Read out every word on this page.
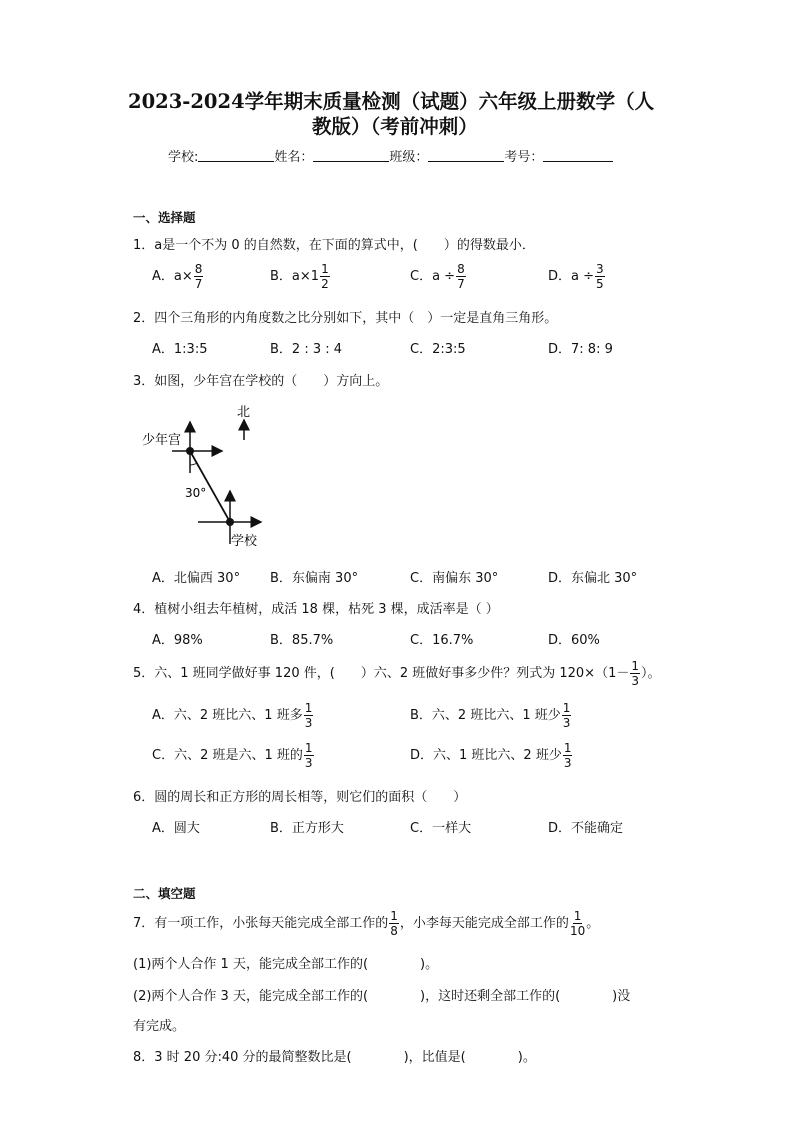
2023-2024学年期末质量检测（试题）六年级上册数学（人
教版）（考前冲刺）
学校:	姓名：	班级：	考号：
一、选择题
1．a是一个不为 0 的自然数，在下面的算式中，(　　）的得数最小．
A．$a\times \frac{8}{7}$	B．$a\times 1 \frac{1}{2}$	C．$a \div \frac{8}{7}$	D．$a \div \frac{3}{5}$
2．四个三角形的内角度数之比分别如下，其中（　）一定是直角三角形。
A．1:3:5	B．2 : 3 : 4	C．2:3:5	D．7: 8: 9
3．如图，少年宫在学校的（　　）方向上。
北
少年宫
30°
学校
A．北偏西 30° B．东偏南 30°	C．南偏东 30°	D．东偏北 30°
4．植树小组去年植树，成活 18 棵，枯死 3 棵，成活率是（ ）
A．98%	B．85.7%	C．16.7%	D．60%
5．六、1 班同学做好事 120 件，(　　）六、2 班做好事多少件？列式为 $120\times(1- \frac{1}{3}$ ）。
A．六、2 班比六、1 班多 $\frac{1}{3}$	B．六、2 班比六、1 班少 $\frac{1}{3}$
C．六、2 班是六、1 班的 $\frac{1}{3}$	D．六、1 班比六、2 班少 $\frac{1}{3}$
6．圆的周长和正方形的周长相等，则它们的面积（　　）
A．圆大	B．正方形大	C．一样大	D．不能确定
二、填空题
7．有一项工作，小张每天能完成全部工作的 $\frac{1}{8}$ ，小李每天能完成全部工作的 $\frac{1}{10}$ 。
(1)两个人合作 1 天，能完成全部工作的(　　　　)。
(2)两个人合作 3 天，能完成全部工作的(　　　　)，这时还剩全部工作的(　　　　)没
有完成。
8．3 时 20 分:40 分的最简整数比是(　　　　)，比值是(　　　　)。
